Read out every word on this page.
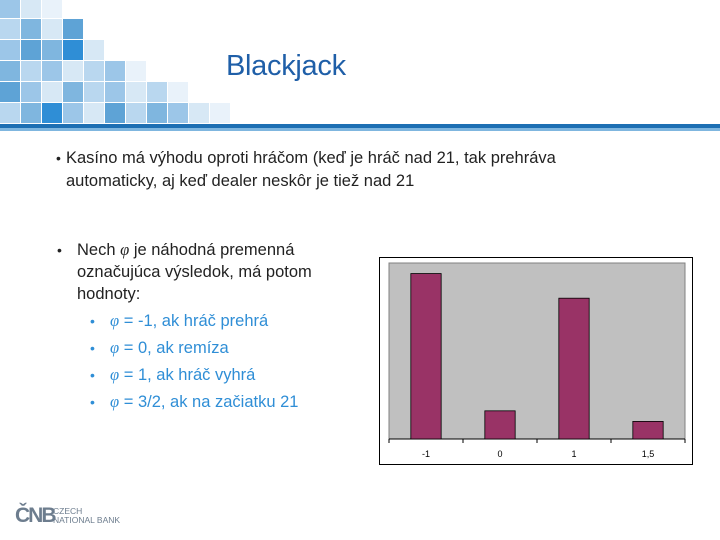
Blackjack
• Kasíno má výhodu oproti hráčom (keď je hráč nad 21, tak prehráva automaticky, aj keď dealer neskôr je tiež nad 21
• Nech φ je náhodná premenná označujúca výsledok, má potom hodnoty:
• φ = -1, ak hráč prehrá
• φ = 0, ak remíza
• φ = 1, ak hráč vyhrá
• φ = 3/2, ak na začiatku 21
-1	0	1	1,5
ČNB
CZECH
NATIONAL BANK
